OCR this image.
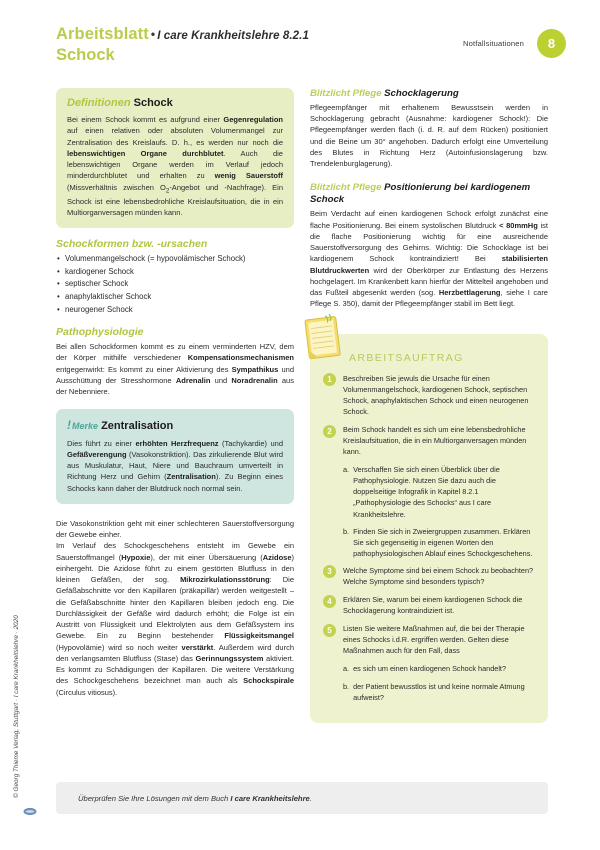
Arbeitsblatt • I care Krankheitslehre 8.2.1
Schock
Notfallsituationen	8
Definitionen Schock
Bei einem Schock kommt es aufgrund einer Gegenregulation auf einen relativen oder absoluten Volumenmangel zur Zentralisation des Kreislaufs. D. h., es werden nur noch die lebenswichtigen Organe durchblutet. Auch die lebenswichtigen Organe werden im Verlauf jedoch minderdurchblutet und erhalten zu wenig Sauerstoff (Missverhältnis zwischen $O_2$-Angebot und -Nachfrage). Ein Schock ist eine lebensbedrohliche Kreislaufsituation, die in ein Multiorganversagen münden kann.
Schockformen bzw. -ursachen
• Volumenmangelschock (= hypovolämischer Schock)
• kardiogener Schock
• septischer Schock
• anaphylaktischer Schock
• neurogener Schock
Pathophysiologie
Bei allen Schockformen kommt es zu einem verminderten HZV, dem der Körper mithilfe verschiedener Kompensationsmechanismen entgegenwirkt: Es kommt zu einer Aktivierung des Sympathikus und Ausschüttung der Stresshormone Adrenalin und Noradrenalin aus der Nebenniere.
!Merke Zentralisation
Dies führt zu einer erhöhten Herzfrequenz (Tachykardie) und Gefäßverengung (Vasokonstriktion). Das zirkulierende Blut wird aus Muskulatur, Haut, Niere und Bauchraum umverteilt in Richtung Herz und Gehirn (Zentralisation). Zu Beginn eines Schocks kann daher der Blutdruck noch normal sein.
Die Vasokonstriktion geht mit einer schlechteren Sauerstoffversorgung der Gewebe einher.
Im Verlauf des Schockgeschehens entsteht im Gewebe ein Sauerstoffmangel (Hypoxie), der mit einer Übersäuerung (Azidose) einhergeht. Die Azidose führt zu einem gestörten Blutfluss in den kleinen Gefäßen, der sog. Mikrozirkulationsstörung: Die Gefäßabschnitte vor den Kapillaren (präkapillär) werden weitgestellt – die Gefäßabschnitte hinter den Kapillaren bleiben jedoch eng. Die Durchlässigkeit der Gefäße wird dadurch erhöht; die Folge ist ein Austritt von Flüssigkeit und Elektrolyten aus dem Gefäßsystem ins Gewebe. Ein zu Beginn bestehender Flüssigkeitsmangel (Hypovolämie) wird so noch weiter verstärkt. Außerdem wird durch den verlangsamten Blutfluss (Stase) das Gerinnungssystem aktiviert. Es kommt zu Schädigungen der Kapillaren. Die weitere Verstärkung des Schockgeschehens bezeichnet man auch als Schockspirale (Circulus vitiosus).
Blitzlicht Pflege Schocklagerung
Pflegeempfänger mit erhaltenem Bewusstsein werden in Schocklagerung gebracht (Ausnahme: kardiogener Schock!): Die Pflegeempfänger werden flach (i. d. R. auf dem Rücken) positioniert und die Beine um 30° angehoben. Dadurch erfolgt eine Umverteilung des Blutes in Richtung Herz (Autoinfusionslagerung bzw. Trendelenburglagerung).
Blitzlicht Pflege Positionierung bei kardiogenem Schock
Beim Verdacht auf einen kardiogenen Schock erfolgt zunächst eine flache Positionierung. Bei einem systolischen Blutdruck < 80mmHg ist die flache Positionierung wichtig für eine ausreichende Sauerstoffversorgung des Gehirns. Wichtig: Die Schocklage ist bei kardiogenem Schock kontraindiziert! Bei stabilisierten Blutdruckwerten wird der Oberkörper zur Entlastung des Herzens hochgelagert. Im Krankenbett kann hierfür der Mittelteil angehoben und das Fußteil abgesenkt werden (sog. Herzbettlagerung, siehe I care Pflege S. 350), damit der Pflegeempfänger stabil im Bett liegt.
ARBEITSAUFTRAG
1	Beschreiben Sie jewuls die Ursache für einen Volumenmangelschock, kardiogenen Schock, septischen Schock, anaphylaktischen Schock und einen neurogenen Schock.
2	Beim Schock handelt es sich um eine lebensbedrohliche Kreislaufsituation, die in ein Multiorganversagen münden kann.
a. Verschaffen Sie sich einen Überblick über die Pathophysiologie. Nutzen Sie dazu auch die doppelseitige Infografik in Kapitel 8.2.1 „Pathophysiologie des Schocks“ aus I care Krankheitslehre.
b. Finden Sie sich in Zweiergruppen zusammen. Erklären Sie sich gegenseitig in eigenen Worten den pathophysiologischen Ablauf eines Schockgeschehens.
3	Welche Symptome sind bei einem Schock zu beobachten? Welche Symptome sind besonders typisch?
4	Erklären Sie, warum bei einem kardiogenen Schock die Schocklagerung kontraindiziert ist.
5	Listen Sie weitere Maßnahmen auf, die bei der Therapie eines Schocks i.d.R. ergriffen werden. Gelten diese Maßnahmen auch für den Fall, dass
a. es sich um einen kardiogenen Schock handelt?
b. der Patient bewusstlos ist und keine normale Atmung aufweist?
Überprüfen Sie Ihre Lösungen mit dem Buch I care Krankheitslehre.
© Georg Thieme Verlag, Stuttgart · I care Krankheitslehre · 2020
